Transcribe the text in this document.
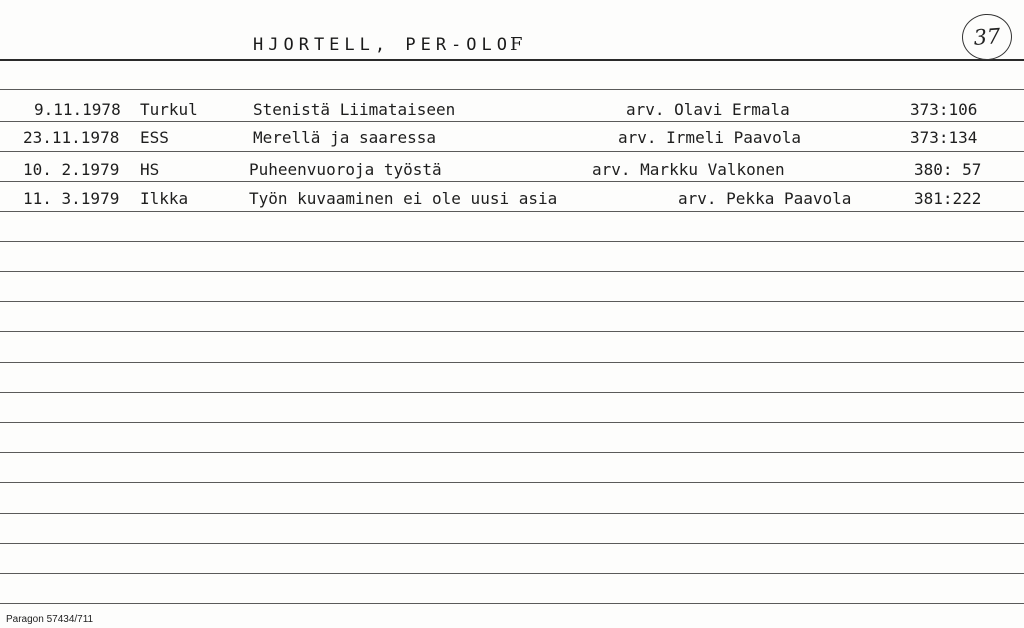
HJORTELL, PER-OLOF	37
9.11.1978 Turkul	Stenistä Liimataiseen	arv. Olavi Ermala	373:106
23.11.1978 ESS	Merellä ja saaressa	arv. Irmeli Paavola	373:134
10. 2.1979 HS	Puheenvuoroja työstä	arv. Markku Valkonen	380: 57
11. 3.1979 Ilkka	Työn kuvaaminen ei ole uusi asia	arv. Pekka Paavola	381:222
Paragon 57434/711
